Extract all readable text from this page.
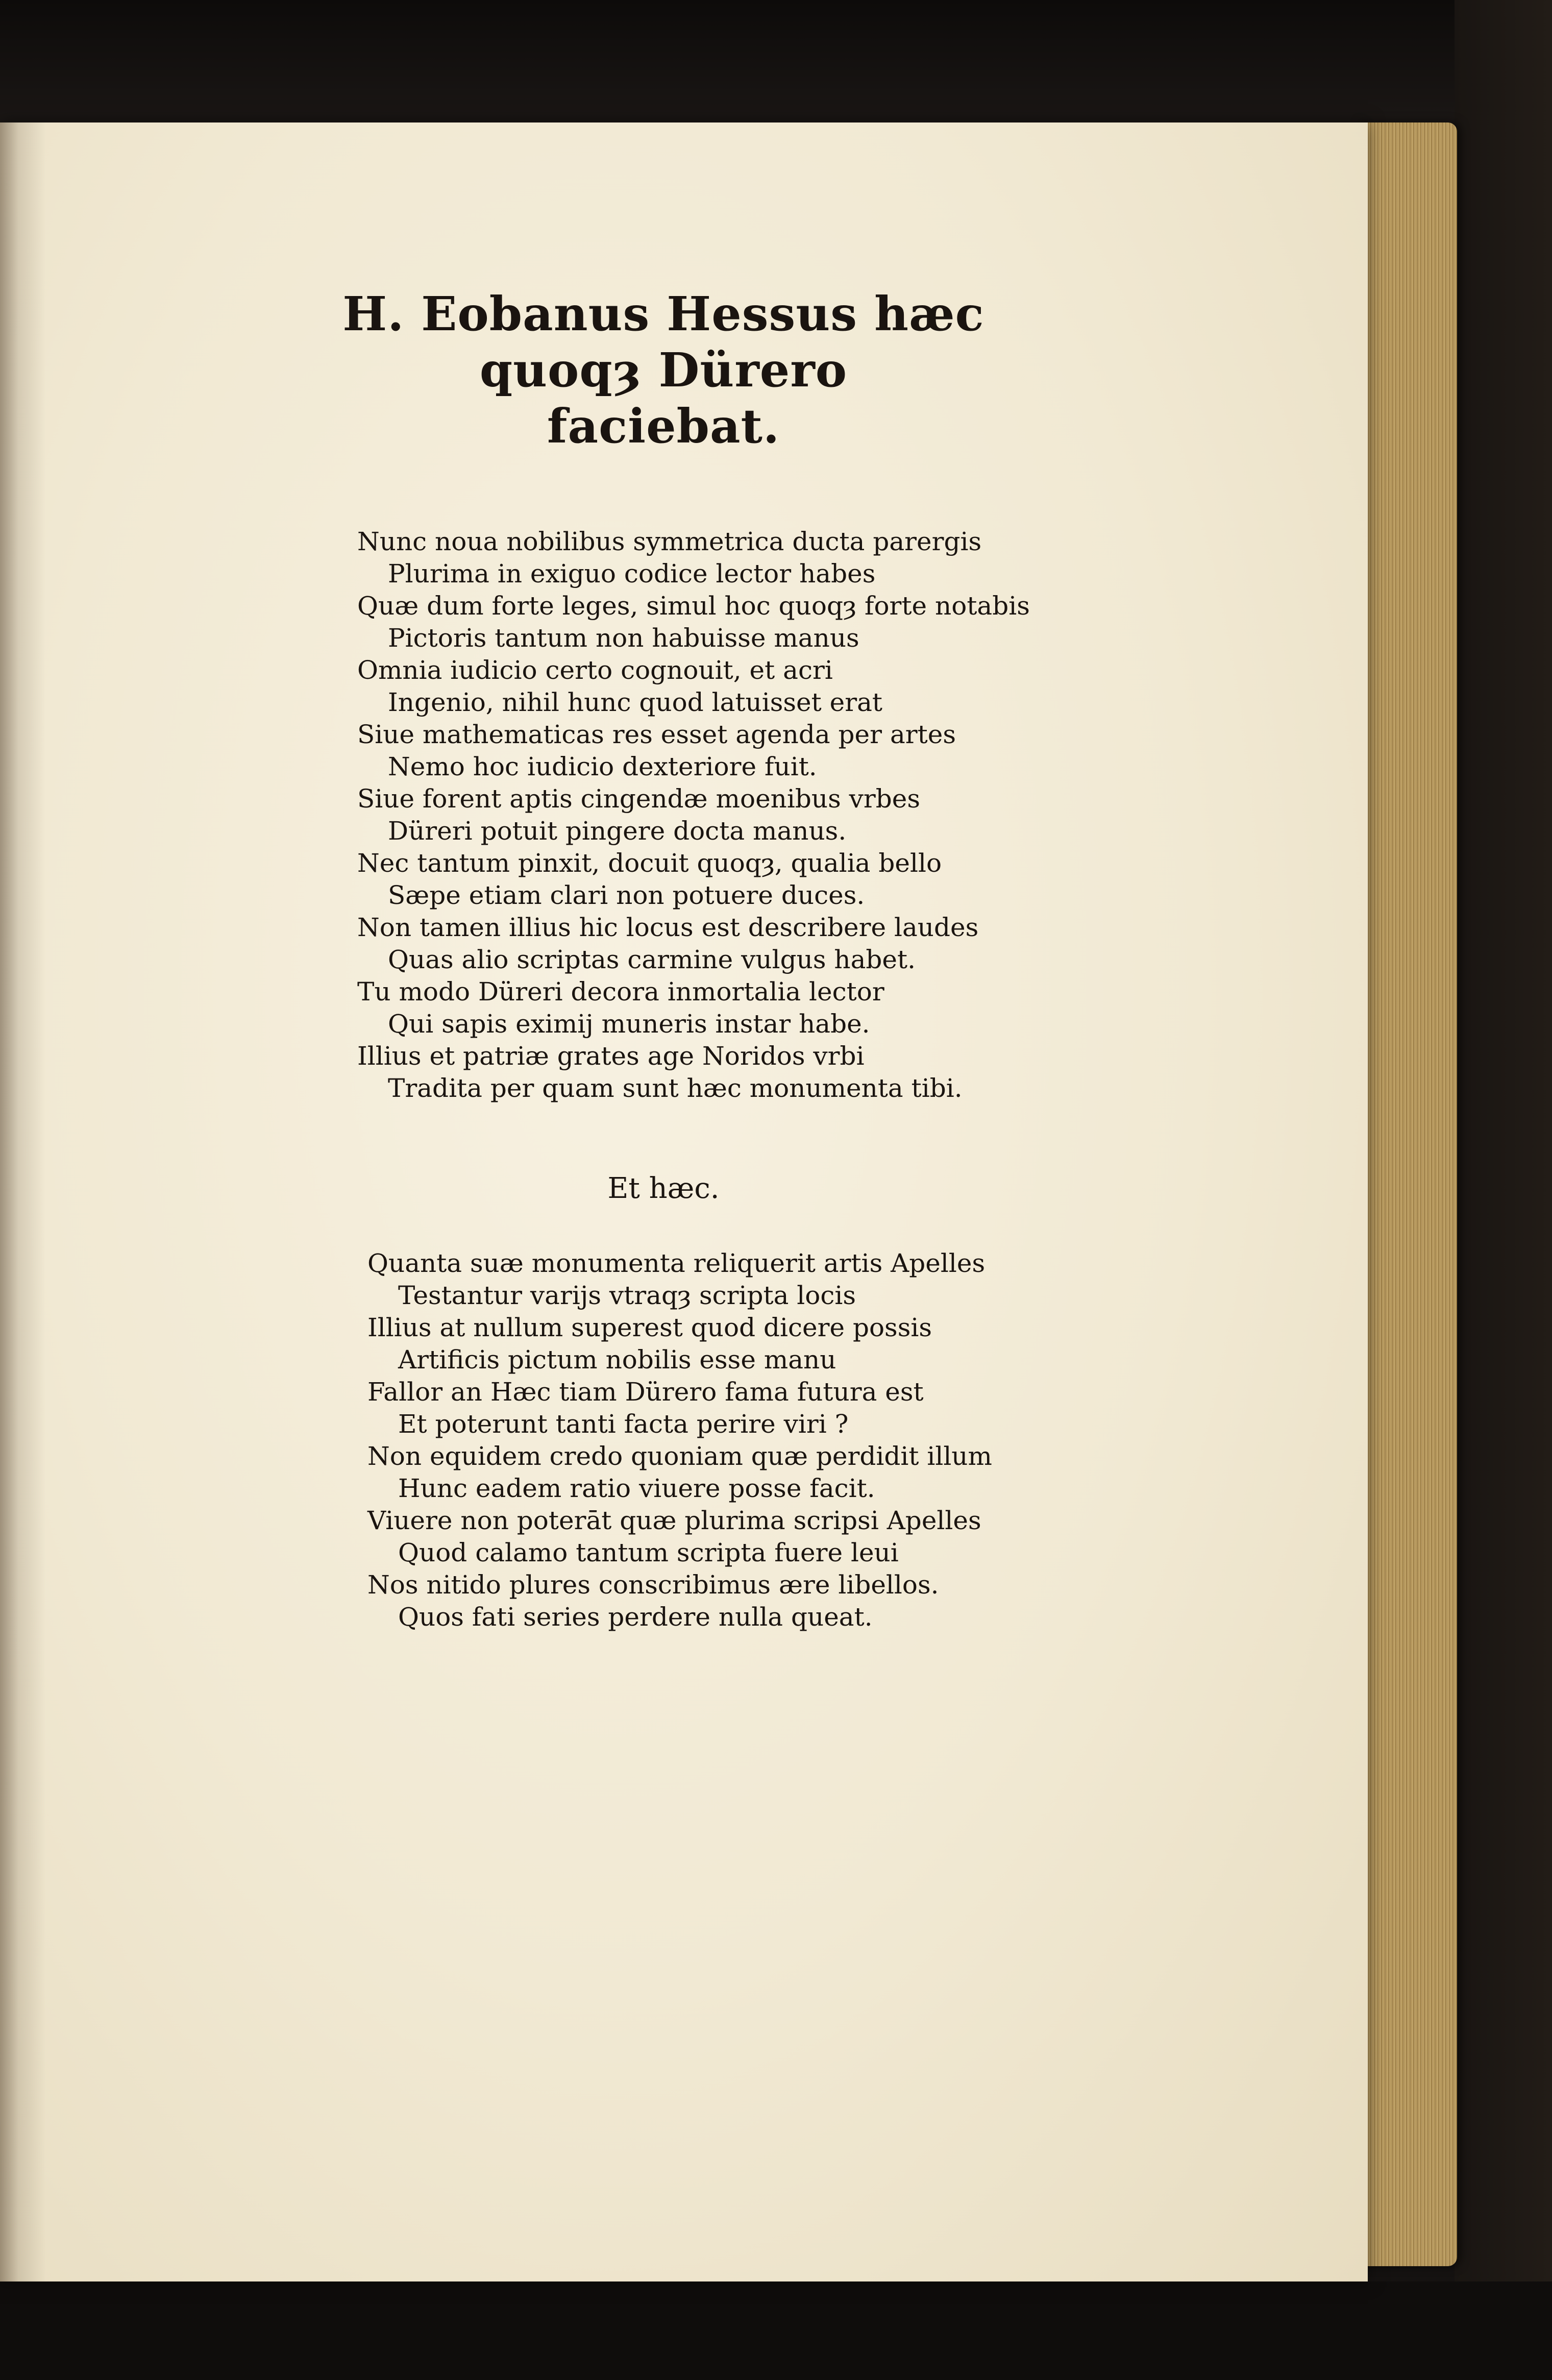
H. Eobanus Hessus hæc
quoqȝ Dürero
faciebat.
Nunc noua nobilibus symmetrica ducta parergis
Plurima in exiguo codice lector habes
Quæ dum forte leges, simul hoc quoqȝ forte notabis
Pictoris tantum non habuisse manus
Omnia iudicio certo cognouit, et acri
Ingenio, nihil hunc quod latuisset erat
Siue mathematicas res esset agenda per artes
Nemo hoc iudicio dexteriore fuit.
Siue forent aptis cingendæ moenibus vrbes
Düreri potuit pingere docta manus.
Nec tantum pinxit, docuit quoqȝ, qualia bello
Sæpe etiam clari non potuere duces.
Non tamen illius hic locus est describere laudes
Quas alio scriptas carmine vulgus habet.
Tu modo Düreri decora inmortalia lector
Qui sapis eximij muneris instar habe.
Illius et patriæ grates age Noridos vrbi
Tradita per quam sunt hæc monumenta tibi.
Et hæc.
Quanta suæ monumenta reliquerit artis Apelles
Testantur varijs vtraqȝ scripta locis
Illius at nullum superest quod dicere possis
Artificis pictum nobilis esse manu
Fallor an Hæc tiam Dürero fama futura est
Et poterunt tanti facta perire viri ?
Non equidem credo quoniam quæ perdidit illum
Hunc eadem ratio viuere posse facit.
Viuere non poterāt quæ plurima scripsi Apelles
Quod calamo tantum scripta fuere leui
Nos nitido plures conscribimus ære libellos.
Quos fati series perdere nulla queat.
